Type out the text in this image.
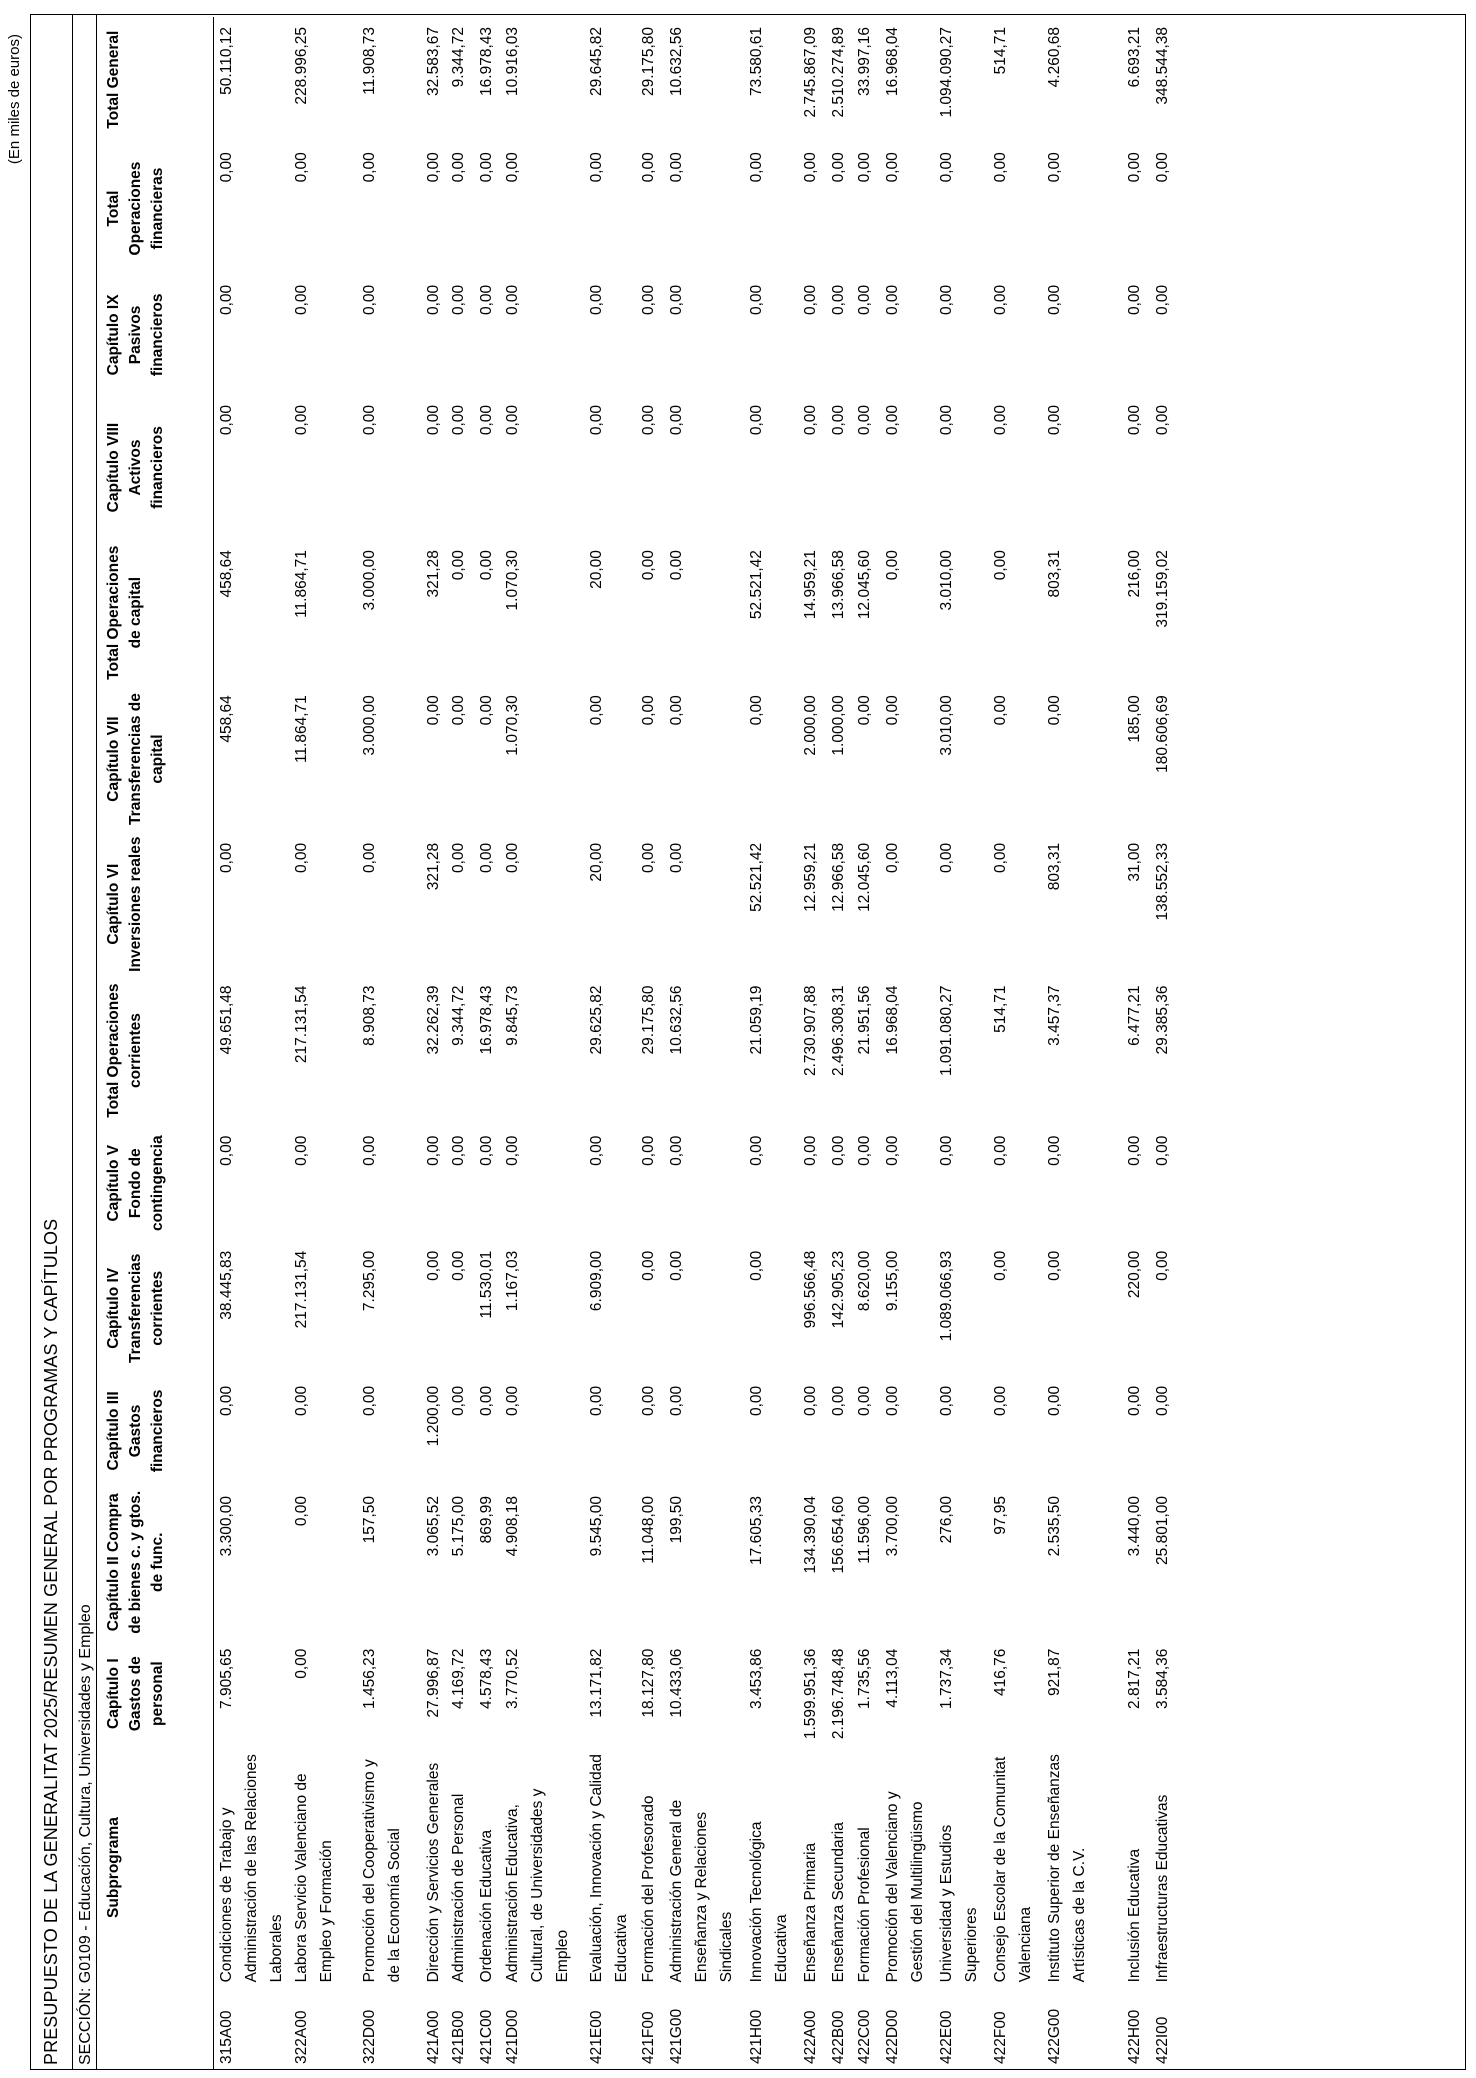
(En miles de euros)
PRESUPUESTO DE LA GENERALITAT 2025/RESUMEN GENERAL POR PROGRAMAS Y CAPÍTULOS SECCIÓN: G0109 - Educación, Cultura, Universidades y Empleo
	Subprograma	Capítulo I Gastos de personal	Capítulo II Compra de bienes c. y gtos. de func.	Capítulo III Gastos financieros	Capítulo IV Transferencias corrientes	Capítulo V Fondo de contingencia	Total Operaciones corrientes	Capítulo VI Inversiones reales	Capítulo VII Transferencias de capital	Total Operaciones de capital	Capítulo VIII Activos financieros	Capítulo IX Pasivos financieros	Total Operaciones financieras	Total General
315A00	Condiciones de Trabajo y Administración de las Relaciones Laborales	7.905,65	3.300,00	0,00	38.445,83	0,00	49.651,48	0,00	458,64	458,64	0,00	0,00	0,00	50.110,12
322A00	Labora Servicio Valenciano de Empleo y Formación	0,00	0,00	0,00	217.131,54	0,00	217.131,54	0,00	11.864,71	11.864,71	0,00	0,00	0,00	228.996,25
322D00	Promoción del Cooperativismo y de la Economía Social	1.456,23	157,50	0,00	7.295,00	0,00	8.908,73	0,00	3.000,00	3.000,00	0,00	0,00	0,00	11.908,73
421A00	Dirección y Servicios Generales	27.996,87	3.065,52	1.200,00	0,00	0,00	32.262,39	321,28	0,00	321,28	0,00	0,00	0,00	32.583,67
421B00	Administración de Personal	4.169,72	5.175,00	0,00	0,00	0,00	9.344,72	0,00	0,00	0,00	0,00	0,00	0,00	9.344,72
421C00	Ordenación Educativa	4.578,43	869,99	0,00	11.530,01	0,00	16.978,43	0,00	0,00	0,00	0,00	0,00	0,00	16.978,43
421D00	Administración Educativa, Cultural, de Universidades y Empleo	3.770,52	4.908,18	0,00	1.167,03	0,00	9.845,73	0,00	1.070,30	1.070,30	0,00	0,00	0,00	10.916,03
421E00	Evaluación, Innovación y Calidad Educativa	13.171,82	9.545,00	0,00	6.909,00	0,00	29.625,82	20,00	0,00	20,00	0,00	0,00	0,00	29.645,82
421F00	Formación del Profesorado	18.127,80	11.048,00	0,00	0,00	0,00	29.175,80	0,00	0,00	0,00	0,00	0,00	0,00	29.175,80
421G00	Administración General de Enseñanza y Relaciones Sindicales	10.433,06	199,50	0,00	0,00	0,00	10.632,56	0,00	0,00	0,00	0,00	0,00	0,00	10.632,56
421H00	Innovación Tecnológica Educativa	3.453,86	17.605,33	0,00	0,00	0,00	21.059,19	52.521,42	0,00	52.521,42	0,00	0,00	0,00	73.580,61
422A00	Enseñanza Primaria	1.599.951,36	134.390,04	0,00	996.566,48	0,00	2.730.907,88	12.959,21	2.000,00	14.959,21	0,00	0,00	0,00	2.745.867,09
422B00	Enseñanza Secundaria	2.196.748,48	156.654,60	0,00	142.905,23	0,00	2.496.308,31	12.966,58	1.000,00	13.966,58	0,00	0,00	0,00	2.510.274,89
422C00	Formación Profesional	1.735,56	11.596,00	0,00	8.620,00	0,00	21.951,56	12.045,60	0,00	12.045,60	0,00	0,00	0,00	33.997,16
422D00	Promoción del Valenciano y Gestión del Multilingüismo	4.113,04	3.700,00	0,00	9.155,00	0,00	16.968,04	0,00	0,00	0,00	0,00	0,00	0,00	16.968,04
422E00	Universidad y Estudios Superiores	1.737,34	276,00	0,00	1.089.066,93	0,00	1.091.080,27	0,00	3.010,00	3.010,00	0,00	0,00	0,00	1.094.090,27
422F00	Consejo Escolar de la Comunitat Valenciana	416,76	97,95	0,00	0,00	0,00	514,71	0,00	0,00	0,00	0,00	0,00	0,00	514,71
422G00	Instituto Superior de Enseñanzas Artísticas de la C.V.	921,87	2.535,50	0,00	0,00	0,00	3.457,37	803,31	0,00	803,31	0,00	0,00	0,00	4.260,68
422H00	Inclusión Educativa	2.817,21	3.440,00	0,00	220,00	0,00	6.477,21	31,00	185,00	216,00	0,00	0,00	0,00	6.693,21
422I00	Infraestructuras Educativas	3.584,36	25.801,00	0,00	0,00	0,00	29.385,36	138.552,33	180.606,69	319.159,02	0,00	0,00	0,00	348.544,38
